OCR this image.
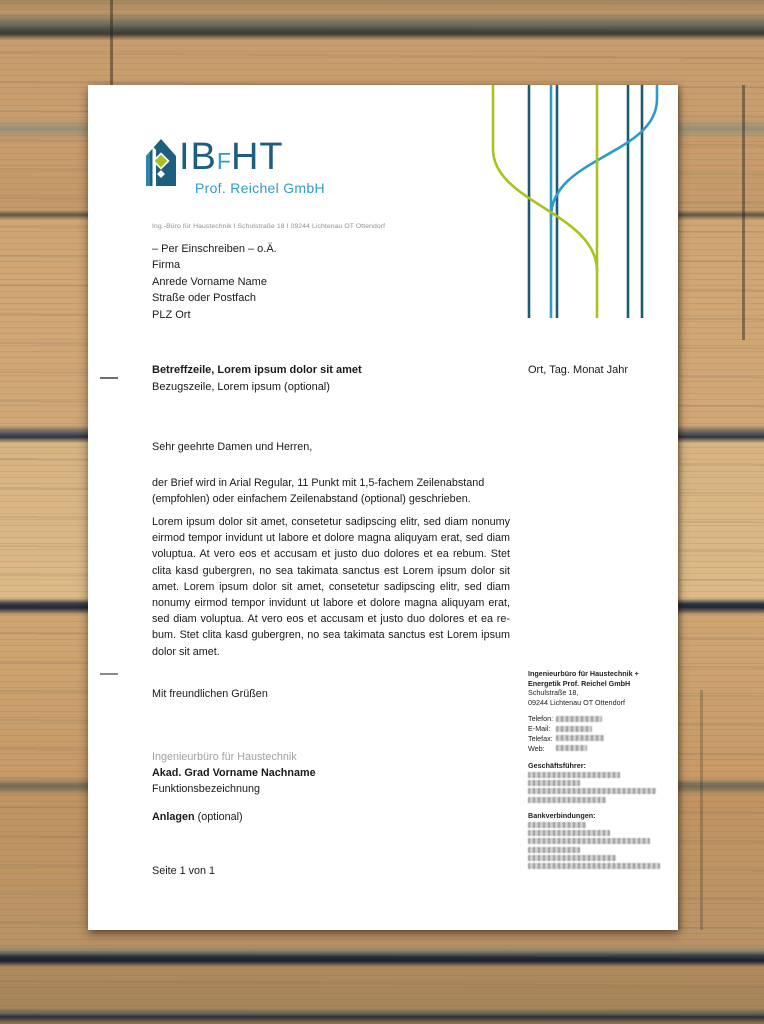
IBFHT
Prof. Reichel GmbH
Ing.-Büro für Haustechnik I Schulstraße 18 I 09244 Lichtenau OT Ottendorf
– Per Einschreiben – o.Ä.
Firma
Anrede Vorname Name
Straße oder Postfach
PLZ Ort
Betreffzeile, Lorem ipsum dolor sit amet
Bezugszeile, Lorem ipsum (optional)
Ort, Tag. Monat Jahr
Sehr geehrte Damen und Herren,
der Brief wird in Arial Regular, 11 Punkt mit 1,5-fachem Zeilenabstand (empfohlen) oder einfachem Zeilenabstand (optional) geschrieben.
Lorem ipsum dolor sit amet, consetetur sadipscing elitr, sed diam nonumy eirmod tempor invidunt ut labore et dolore magna aliquyam erat, sed diam voluptua. At vero eos et accusam et justo duo dolores et ea rebum. Stet clita kasd gubergren, no sea takimata sanctus est Lorem ipsum dolor sit amet. Lorem ipsum dolor sit amet, consetetur sadipscing elitr, sed diam nonumy eirmod tempor invidunt ut labore et dolore magna aliquyam erat, sed diam voluptua. At vero eos et accusam et justo duo dolores et ea re-bum. Stet clita kasd gubergren, no sea takimata sanctus est Lorem ipsum dolor sit amet.
Mit freundlichen Grüßen
Ingenieurbüro für Haustechnik
Akad. Grad Vorname Nachname
Funktionsbezeichnung
Anlagen (optional)
Seite 1 von 1
Ingenieurbüro für Haustechnik +
Energetik Prof. Reichel GmbH
Schulstraße 18,
09244 Lichtenau OT Ottendorf
Telefon:
E-Mail:
Telefax:
Web:
Geschäftsführer:
Bankverbindungen:
